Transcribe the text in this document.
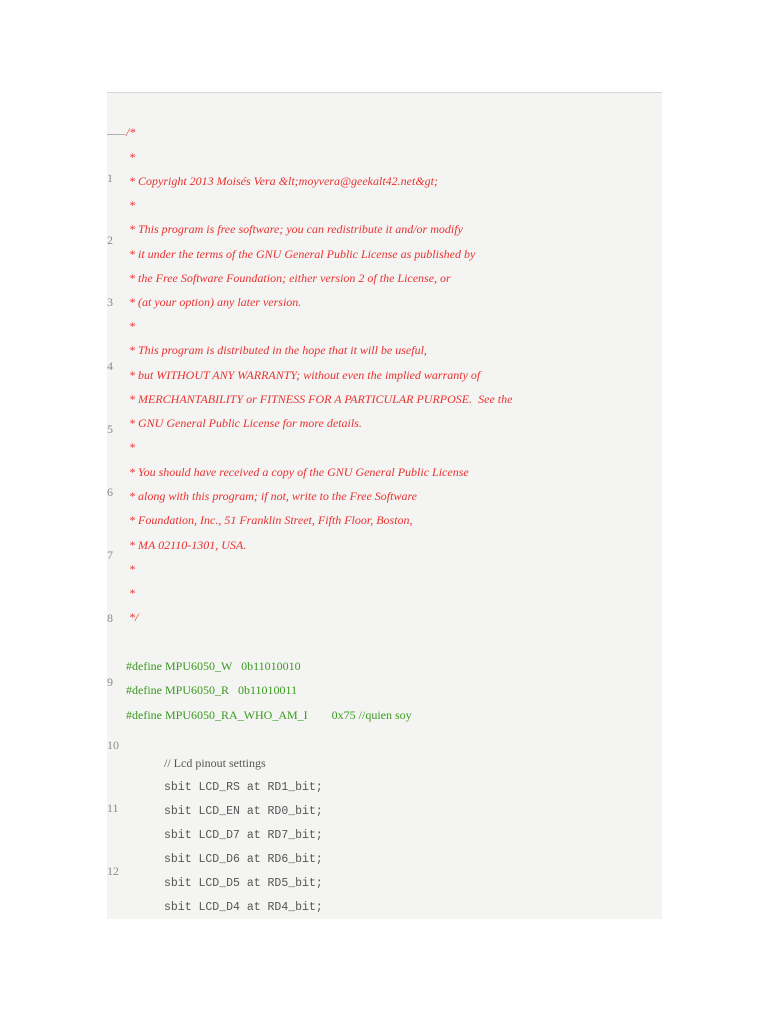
1
2
3
4
5
6
7
8
9
10
11
12
/*
*
* Copyright 2013 Moisés Vera &lt;moyvera@geekalt42.net&gt;
*
* This program is free software; you can redistribute it and/or modify
* it under the terms of the GNU General Public License as published by
* the Free Software Foundation; either version 2 of the License, or
* (at your option) any later version.
*
* This program is distributed in the hope that it will be useful,
* but WITHOUT ANY WARRANTY; without even the implied warranty of
* MERCHANTABILITY or FITNESS FOR A PARTICULAR PURPOSE.  See the
* GNU General Public License for more details.
*
* You should have received a copy of the GNU General Public License
* along with this program; if not, write to the Free Software
* Foundation, Inc., 51 Franklin Street, Fifth Floor, Boston,
* MA 02110-1301, USA.
*
*
*/
#define MPU6050_W   0b11010010
#define MPU6050_R   0b11010011
#define MPU6050_RA_WHO_AM_I        0x75 //quien soy
// Lcd pinout settings
sbit LCD_RS at RD1_bit;
sbit LCD_EN at RD0_bit;
sbit LCD_D7 at RD7_bit;
sbit LCD_D6 at RD6_bit;
sbit LCD_D5 at RD5_bit;
sbit LCD_D4 at RD4_bit;
